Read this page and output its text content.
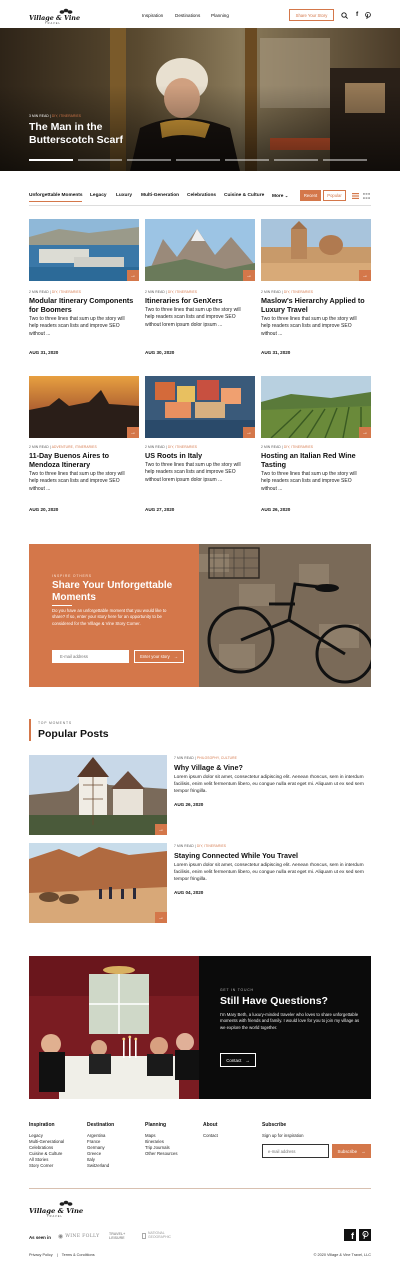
Village & Vine
TRAVEL
Inspiration	Destinations Planning	Share Your Story	f
3 MIN READ | DIY, ITINERARIES
The Man in the Butterscotch Scarf
Unforgettable Moments Legacy Luxury Multi-Generation Celebrations Cuisine & Culture More ⌄	Recent	Popular
→
2 MIN READ | DIY, ITINERARIES
Modular Itinerary Components for Boomers
Two to three lines that sum up the story will help readers scan lists and improve SEO without ...
AUG 31, 2020
→
2 MIN READ | DIY, ITINERARIES
Itineraries for GenXers
Two to three lines that sum up the story will help readers scan lists and improve SEO without lorem ipsum dolor ipsum ...
AUG 30, 2020
→
2 MIN READ | DIY, ITINERARIES
Maslow's Hierarchy Applied to Luxury Travel
Two to three lines that sum up the story will help readers scan lists and improve SEO without ...
AUG 31, 2020
→
2 MIN READ | ADVENTURE, ITINERARIES
11-Day Buenos Aires to Mendoza Itinerary
Two to three lines that sum up the story will help readers scan lists and improve SEO without ...
AUG 20, 2020
→
2 MIN READ | DIY, ITINERARIES
US Roots in Italy
Two to three lines that sum up the story will help readers scan lists and improve SEO without lorem ipsum dolor ipsum ...
AUG 27, 2020
→
2 MIN READ | DIY, ITINERARIES
Hosting an Italian Red Wine Tasting
Two to three lines that sum up the story will help readers scan lists and improve SEO without ...
AUG 26, 2020
INSPIRE OTHERS
Share Your Unforgettable Moments
Do you have an unforgettable moment that you would like to share? If so, enter your story here for an opportunity to be considered for the Village & Vine Story Corner.
E-mail address
Enter your story →
TOP MOMENTS
Popular Posts
→
7 MIN READ | PHILOSOPHY, CULTURE
Why Village & Vine?
Lorem ipsum dolor sit amet, consectetur adipiscing elit. Aenean rhoncus, sem in interdum facilisis, enim velit fermentum libero, eu congue nulla erat eget mi. Aliquam ut ex sed sem tempor fringilla.
AUG 26, 2020
→
7 MIN READ | DIY, ITINERARIES
Staying Connected While You Travel
Lorem ipsum dolor sit amet, consectetur adipiscing elit. Aenean rhoncus, sem in interdum facilisis, enim velit fermentum libero, eu congue nulla erat eget mi. Aliquam ut ex sed sem tempor fringilla.
AUG 04, 2020
GET IN TOUCH
Still Have Questions?
I'm Mary Beth, a luxury-minded traveler who loves to share unforgettable moments with friends and family. I would love for you to join my village as we explore the world together.
Contact →
Inspiration
Legacy
Multi-Generational
Celebrations
Cuisine & Culture
All Stories
Story Corner
Destination
Argentina
France
Germany
Greece
Italy
Switzerland
Planning
Maps
Itineraries
Trip Journals
Other Resources
About
Contact
Subscribe
Sign up for inspiration
e-mail address
Subscribe →
Village & Vine
TRAVEL
As seen in ◉ WINE FOLLY	TRAVEL+ LEISURE
NATIONAL GEOGRAPHIC	f
Privacy Policy | Terms & Conditions	© 2020 Village & Vine Travel, LLC
